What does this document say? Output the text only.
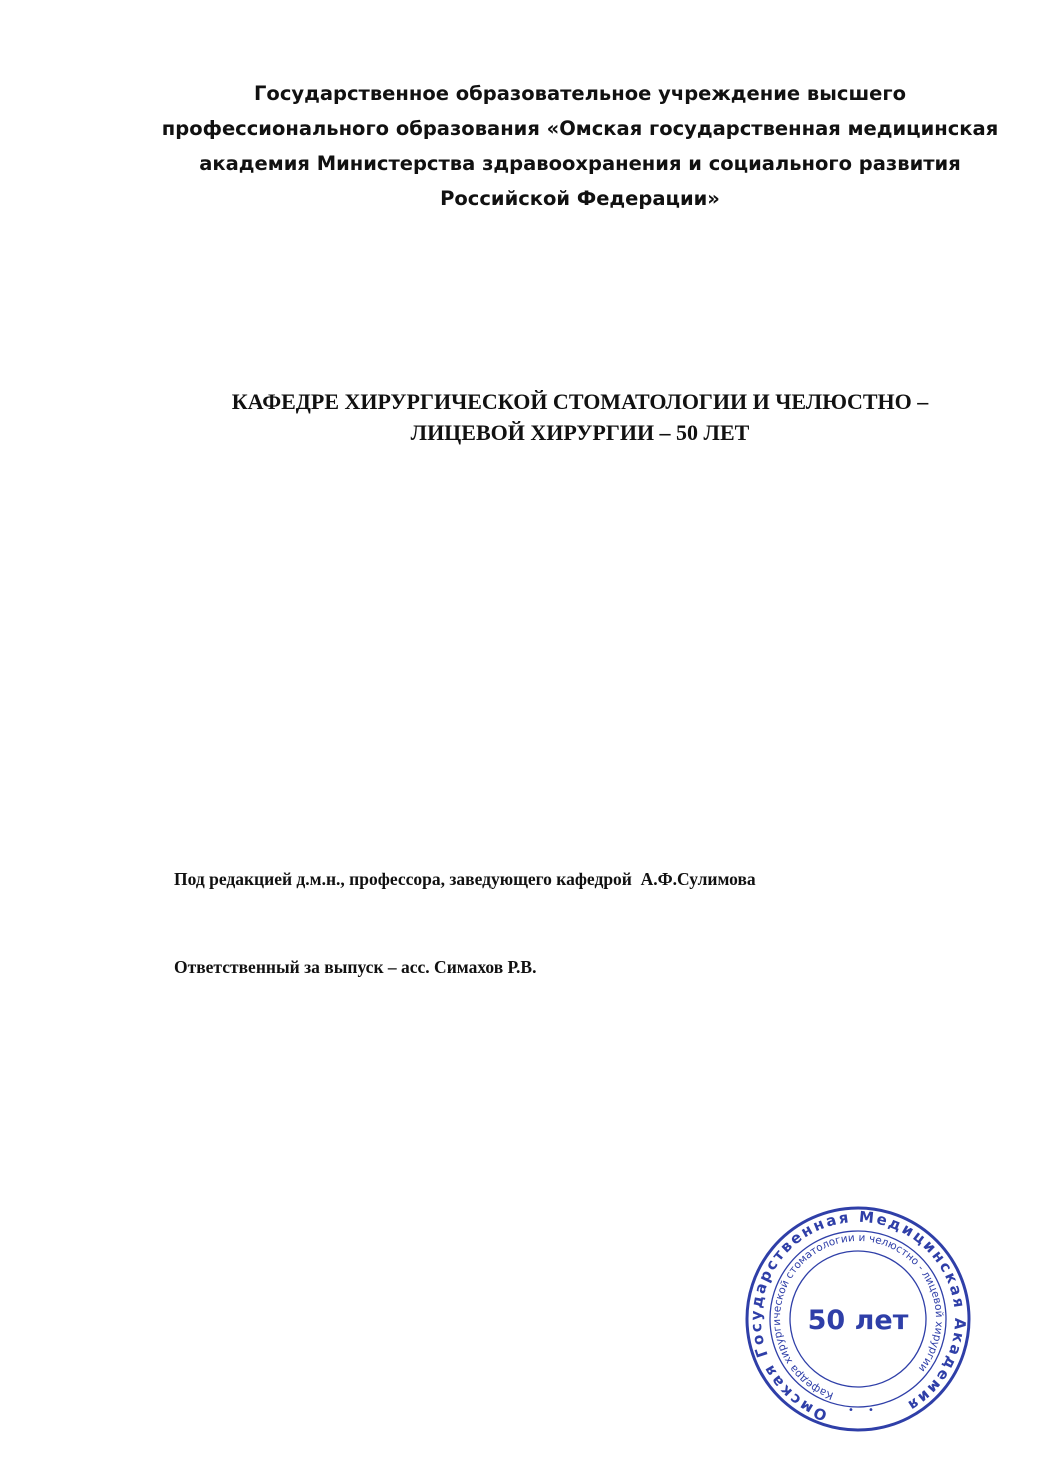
Государственное образовательное учреждение высшего
профессионального образования «Омская государственная медицинская
академия Министерства здравоохранения и социального развития
Российской Федерации»
КАФЕДРЕ ХИРУРГИЧЕСКОЙ СТОМАТОЛОГИИ И ЧЕЛЮСТНО –
ЛИЦЕВОЙ ХИРУРГИИ – 50 ЛЕТ
Под редакцией д.м.н., профессора, заведующего кафедрой  А.Ф.Сулимова
Ответственный за выпуск – асс. Симахов Р.В.
Омская Государственная Медицинская Академия
Кафедра хирургической стоматологии и челюстно - лицевой хирургии
50 лет
• •
